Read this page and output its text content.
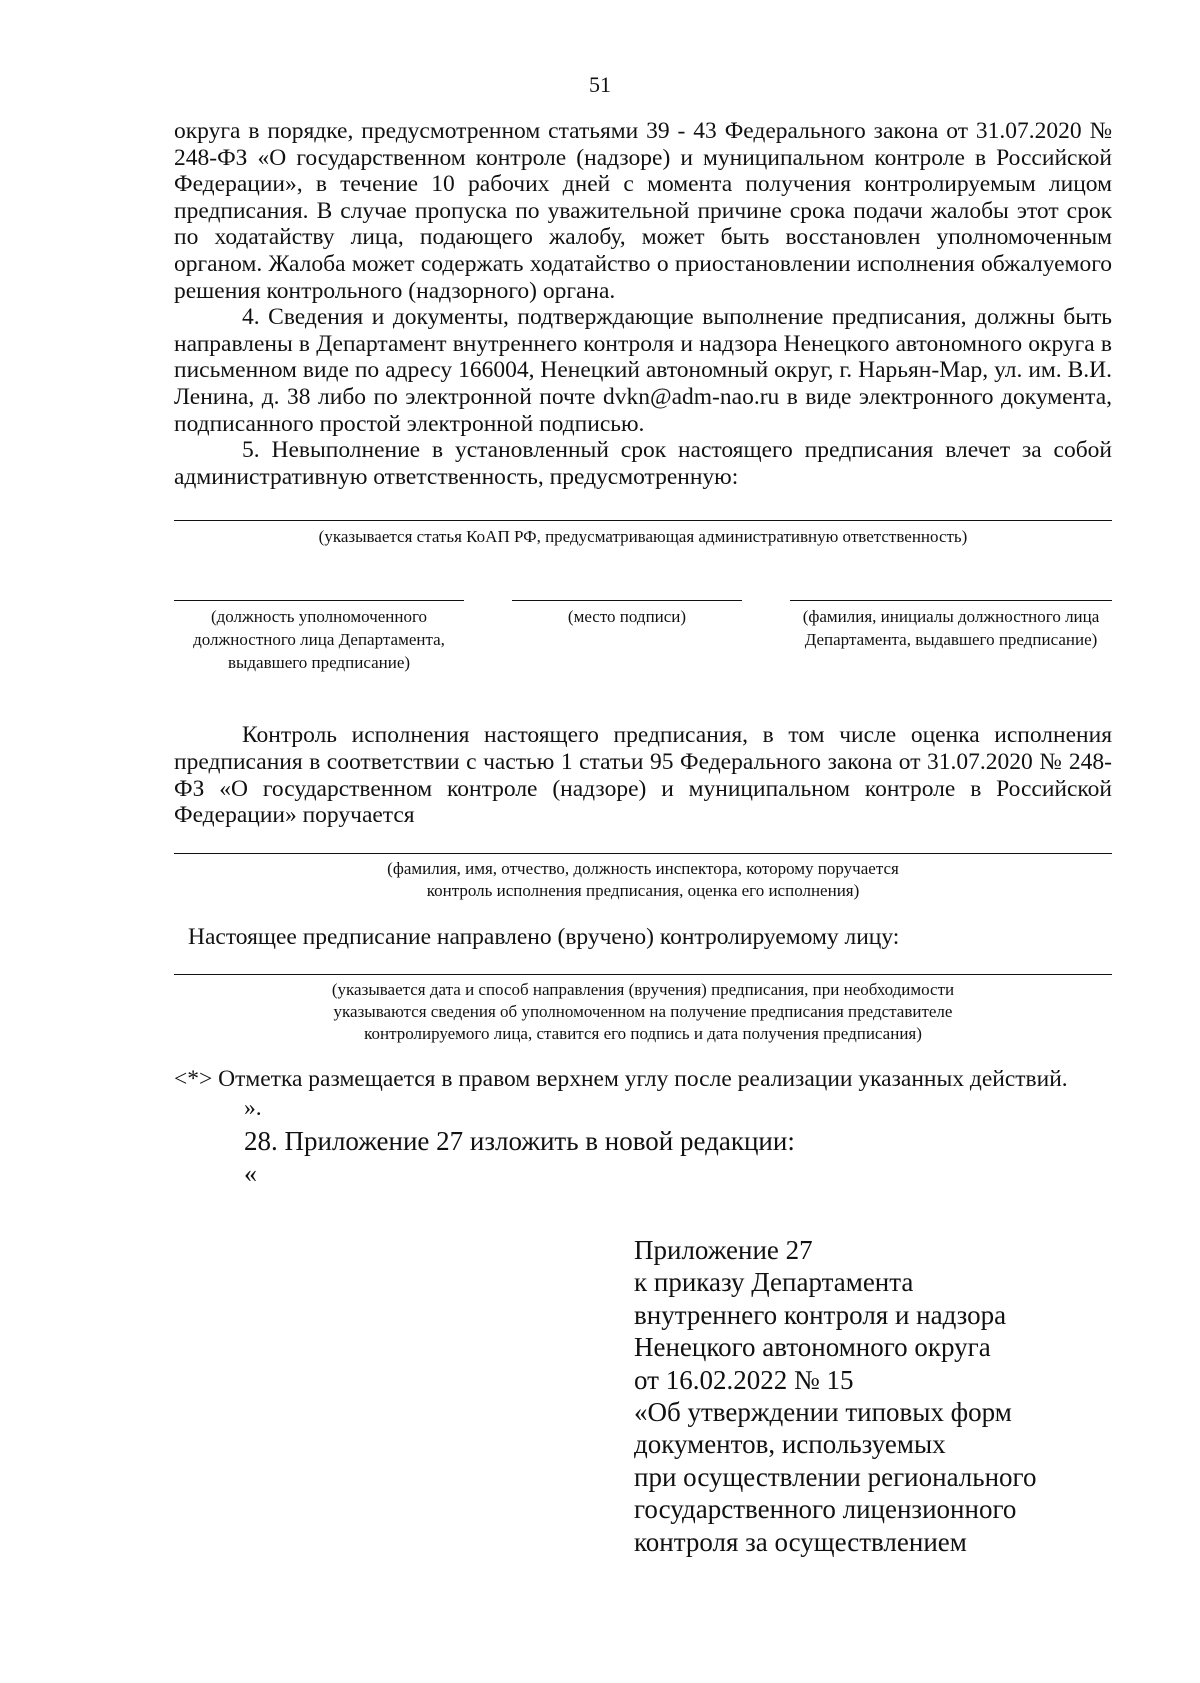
51

округа в порядке, предусмотренном статьями 39 - 43 Федерального закона от 31.07.2020 № 248-ФЗ «О государственном контроле (надзоре) и муниципальном контроле в Российской Федерации», в течение 10 рабочих дней с момента получения контролируемым лицом предписания. В случае пропуска по уважительной причине срока подачи жалобы этот срок по ходатайству лица, подающего жалобу, может быть восстановлен уполномоченным органом. Жалоба может содержать ходатайство о приостановлении исполнения обжалуемого решения контрольного (надзорного) органа.

4. Сведения и документы, подтверждающие выполнение предписания, должны быть направлены в Департамент внутреннего контроля и надзора Ненецкого автономного округа в письменном виде по адресу 166004, Ненецкий автономный округ, г. Нарьян-Мар, ул. им. В.И. Ленина, д. 38 либо по электронной почте dvkn@adm-nao.ru в виде электронного документа, подписанного простой электронной подписью.

5. Невыполнение в установленный срок настоящего предписания влечет за собой административную ответственность, предусмотренную:

(указывается статья КоАП РФ, предусматривающая административную ответственность)
(должность уполномоченного должностного лица Департамента, выдавшего предписание)
(место подписи)	(фамилия, инициалы должностного лица Департамента, выдавшего предписание)

Контроль исполнения настоящего предписания, в том числе оценка исполнения предписания в соответствии с частью 1 статьи 95 Федерального закона от 31.07.2020 № 248-ФЗ «О государственном контроле (надзоре) и муниципальном контроле в Российской Федерации» поручается

(фамилия, имя, отчество, должность инспектора, которому поручается
контроль исполнения предписания, оценка его исполнения)

Настоящее предписание направлено (вручено) контролируемому лицу:

(указывается дата и способ направления (вручения) предписания, при необходимости
указываются сведения об уполномоченном на получение предписания представителе
контролируемого лица, ставится его подпись и дата получения предписания)

<*> Отметка размещается в правом верхнем углу после реализации указанных действий.

».

28. Приложение 27 изложить в новой редакции:

«

Приложение 27
к приказу Департамента
внутреннего контроля и надзора
Ненецкого автономного округа
от 16.02.2022 № 15
«Об утверждении типовых форм
документов, используемых
при осуществлении регионального
государственного лицензионного
контроля за осуществлением
